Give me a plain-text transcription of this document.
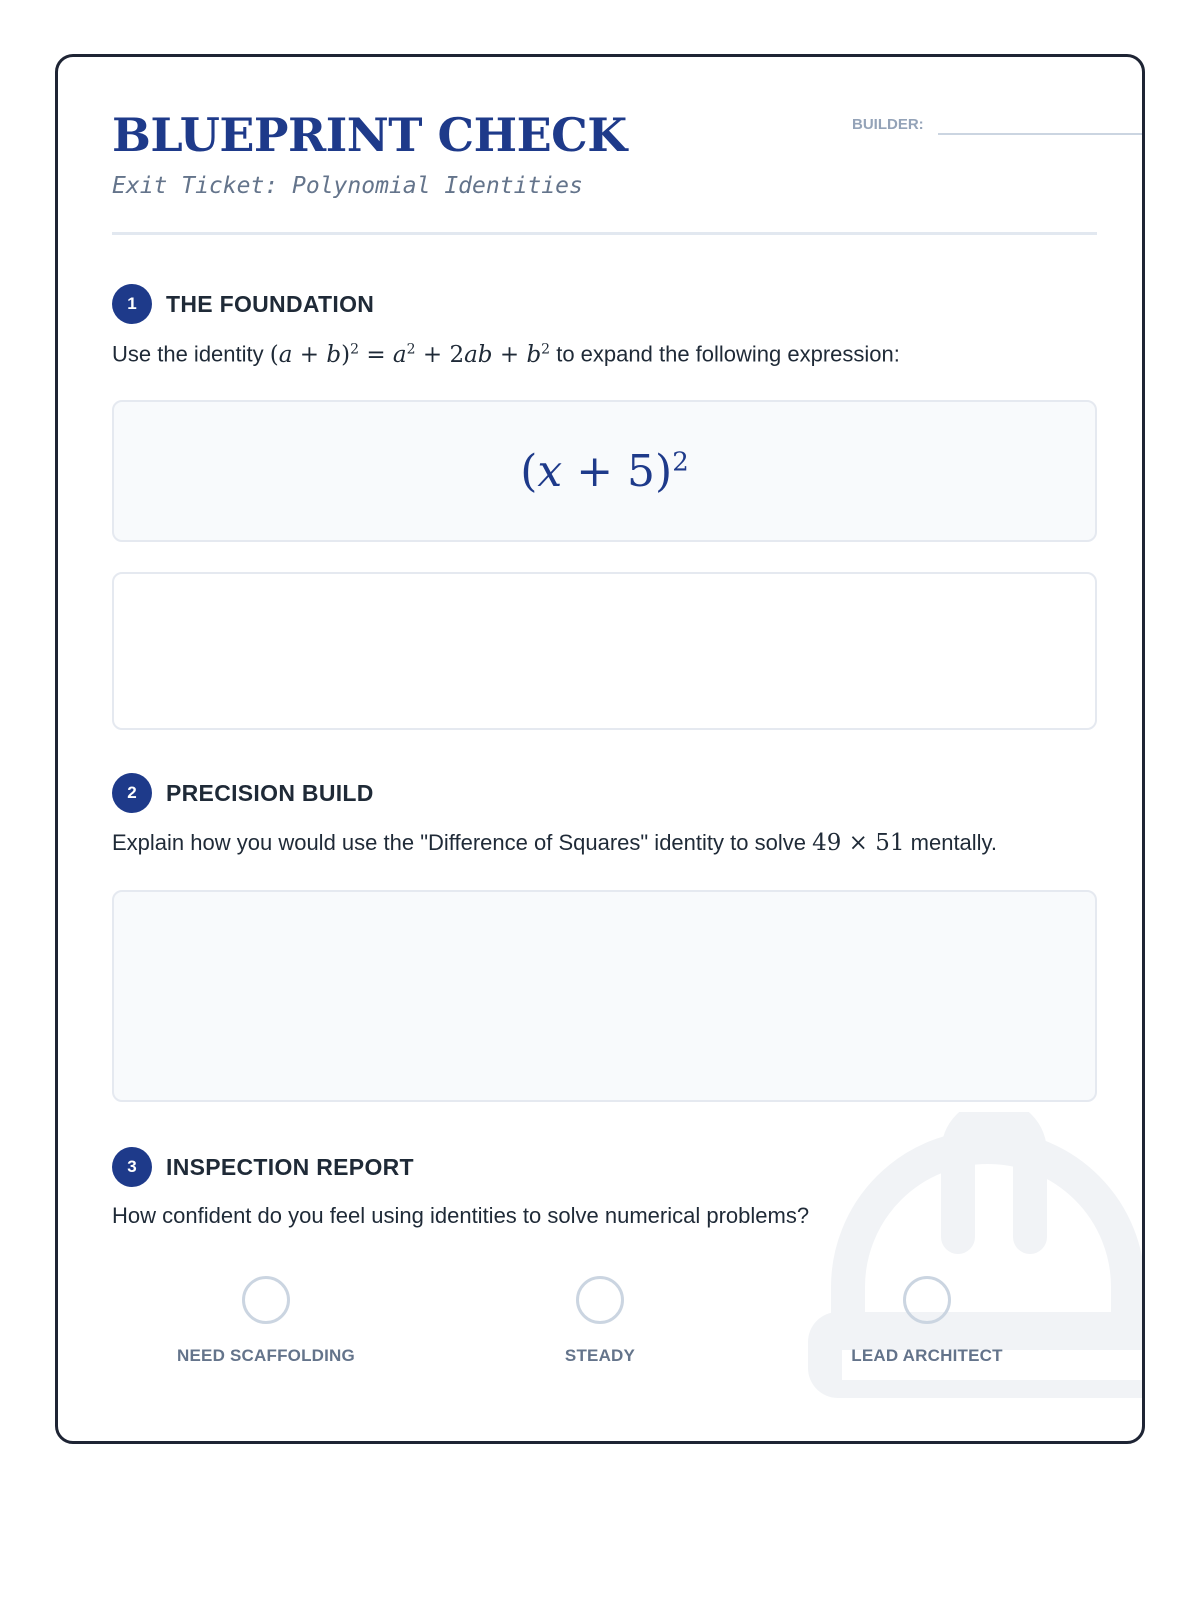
BLUEPRINT CHECK
Exit Ticket: Polynomial Identities
BUILDER:
1	THE FOUNDATION
Use the identity $(a + b)^2 = a^2 + 2ab + b^2$ to expand the following expression:
$(x + 5)^2$
2	PRECISION BUILD
Explain how you would use the "Difference of Squares" identity to solve 49 × 51 mentally.
3	INSPECTION REPORT
How confident do you feel using identities to solve numerical problems?
NEED SCAFFOLDING	STEADY	LEAD ARCHITECT
